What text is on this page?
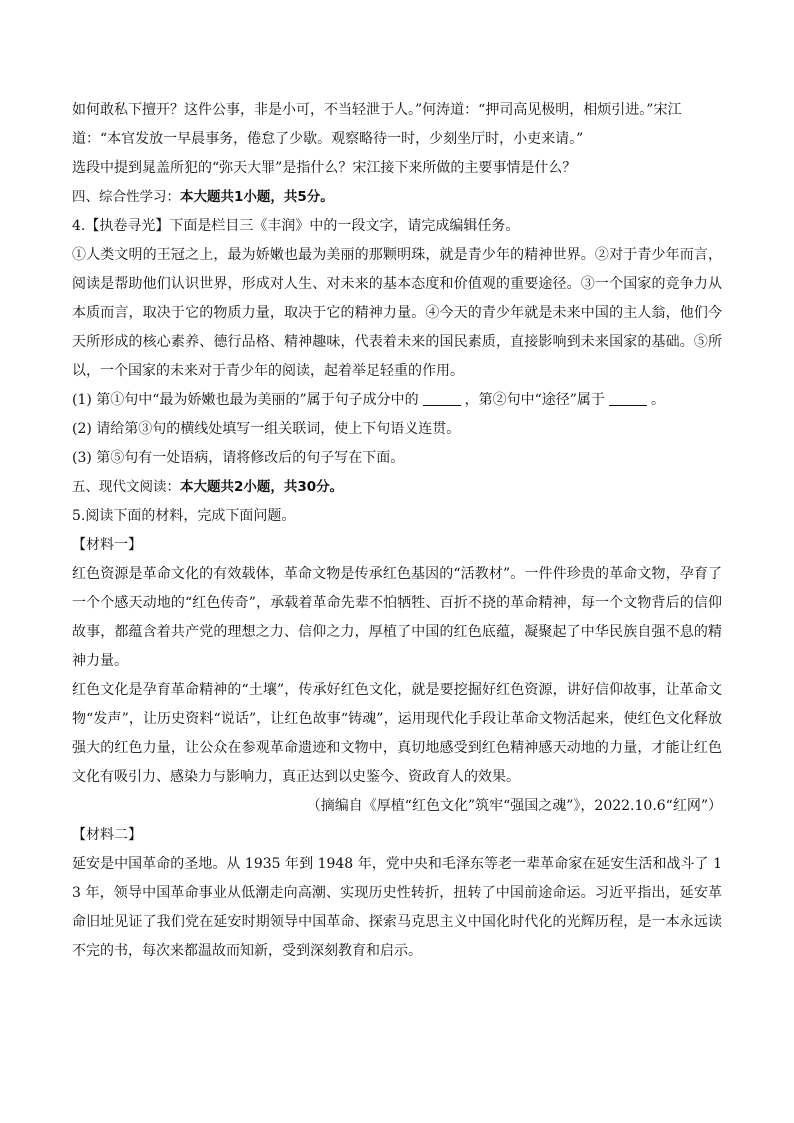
如何敢私下擅开？这件公事，非是小可，不当轻泄于人。”何涛道：“押司高见极明，相烦引进。”宋江

道：“本官发放一早晨事务，倦怠了少歇。观察略待一时，少刻坐厅时，小吏来请。”

选段中提到晁盖所犯的“弥天大罪”是指什么？宋江接下来所做的主要事情是什么？

四、综合性学习：本大题共1小题，共5分。

4.【执卷寻光】下面是栏目三《丰润》中的一段文字，请完成编辑任务。

①人类文明的王冠之上，最为娇嫩也最为美丽的那颗明珠，就是青少年的精神世界。②对于青少年而言，阅读是帮助他们认识世界，形成对人生、对未来的基本态度和价值观的重要途径。③一个国家的竞争力从本质而言，取决于它的物质力量，取决于它的精神力量。④今天的青少年就是未来中国的主人翁，他们今天所形成的核心素养、德行品格、精神趣味，代表着未来的国民素质，直接影响到未来国家的基础。⑤所以，一个国家的未来对于青少年的阅读，起着举足轻重的作用。

(1) 第①句中“最为娇嫩也最为美丽的”属于句子成分中的	，第②句中“途径”属于	。

(2) 请给第③句的横线处填写一组关联词，使上下句语义连贯。

(3) 第⑤句有一处语病，请将修改后的句子写在下面。

五、现代文阅读：本大题共2小题，共30分。

5.阅读下面的材料，完成下面问题。

【材料一】

红色资源是革命文化的有效载体，革命文物是传承红色基因的“活教材”。一件件珍贵的革命文物，孕育了一个个感天动地的“红色传奇”，承载着革命先辈不怕牺牲、百折不挠的革命精神，每一个文物背后的信仰故事，都蕴含着共产党的理想之力、信仰之力，厚植了中国的红色底蕴，凝聚起了中华民族自强不息的精神力量。

红色文化是孕育革命精神的“土壤”，传承好红色文化，就是要挖掘好红色资源，讲好信仰故事，让革命文物“发声”，让历史资料“说话”，让红色故事“铸魂”，运用现代化手段让革命文物活起来，使红色文化释放强大的红色力量，让公众在参观革命遗迹和文物中，真切地感受到红色精神感天动地的力量，才能让红色文化有吸引力、感染力与影响力，真正达到以史鉴今、资政育人的效果。

（摘编自《厚植“红色文化”筑牢“强国之魂”》，2022.10.6“红网”）

【材料二】

延安是中国革命的圣地。从 1935 年到 1948 年，党中央和毛泽东等老一辈革命家在延安生活和战斗了 13 年，领导中国革命事业从低潮走向高潮、实现历史性转折，扭转了中国前途命运。习近平指出，延安革命旧址见证了我们党在延安时期领导中国革命、探索马克思主义中国化时代化的光辉历程，是一本永远读不完的书，每次来都温故而知新，受到深刻教育和启示。
